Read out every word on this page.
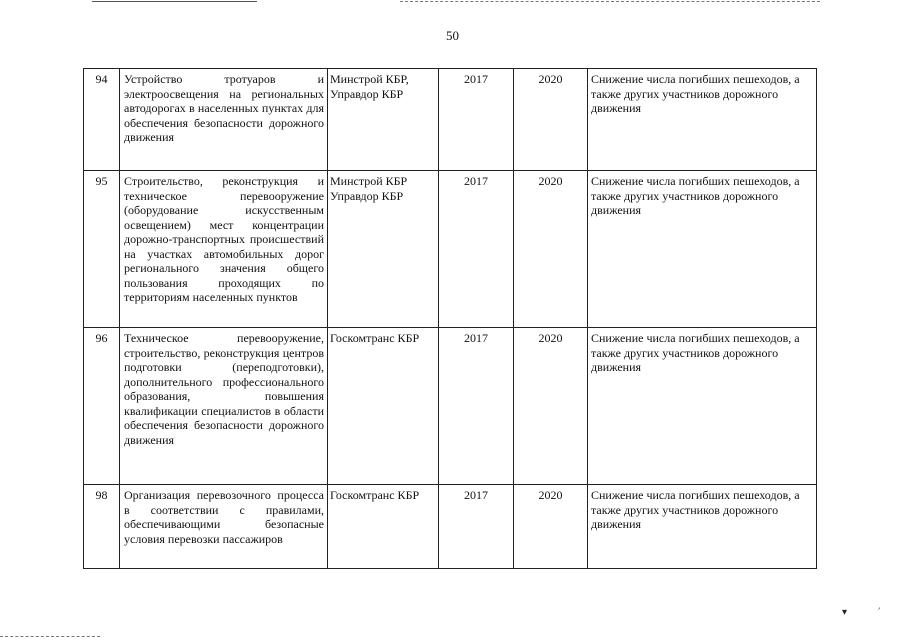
▾	׳
50
94	Устройство тротуаров и электроосвещения на региональных автодорогах в населенных пунктах для обеспечения безопасности дорожного движения	Минстрой КБР, Управдор КБР	2017	2020	Снижение числа погибших пешеходов, а также других участников дорожного движения
95	Строительство, реконструкция и техническое перевооружение (оборудование искусственным освещением) мест концентрации дорожно-транспортных происшествий на участках автомобильных дорог регионального значения общего пользования проходящих по территориям населенных пунктов	Минстрой КБР Управдор КБР	2017	2020	Снижение числа погибших пешеходов, а также других участников дорожного движения
96	Техническое перевооружение, строительство, реконструкция центров подготовки (переподготовки), дополнительного профессионального образования, повышения квалификации специалистов в области обеспечения безопасности дорожного движения	Госкомтранс КБР	2017	2020	Снижение числа погибших пешеходов, а также других участников дорожного движения
98	Организация перевозочного процесса в соответствии с правилами, обеспечивающими безопасные условия перевозки пассажиров	Госкомтранс КБР	2017	2020	Снижение числа погибших пешеходов, а также других участников дорожного движения
